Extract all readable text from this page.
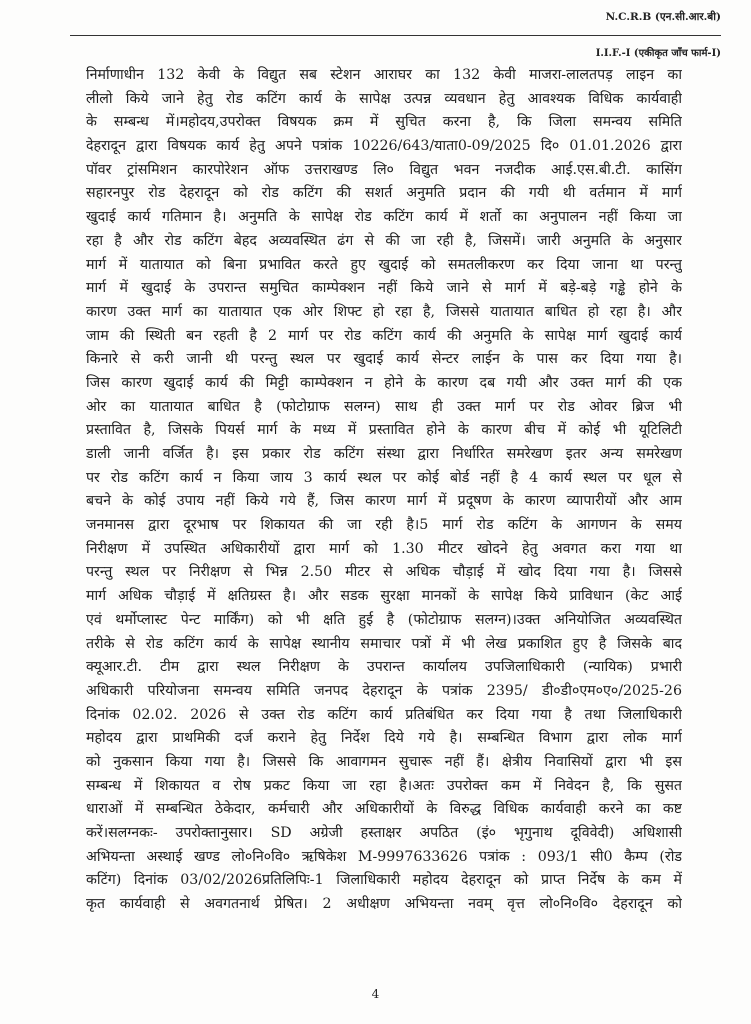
N.C.R.B (एन.सी.आर.बी)
I.I.F.-I (एकीकृत जाँच फार्म-I)
निर्माणाधीन 132 केवी के विद्युत सब स्टेशन आराघर का 132 केवी माजरा-लालतपड़ लाइन का
लीलो किये जाने हेतु रोड कटिंग कार्य के सापेक्ष उत्पन्न व्यवधान हेतु आवश्यक विधिक कार्यवाही
के सम्बन्ध में।महोदय,उपरोक्त विषयक क्रम में सुचित करना है, कि जिला समन्वय समिति
देहरादून द्वारा विषयक कार्य हेतु अपने पत्रांक 10226/643/याता0-09/2025 दि० 01.01.2026 द्वारा
पॉवर ट्रांसमिशन कारपोरेशन ऑफ उत्तराखण्ड लि० विद्युत भवन नजदीक आई.एस.बी.टी. कासिंग
सहारनपुर रोड देहरादून को रोड कटिंग की सशर्त अनुमति प्रदान की गयी थी वर्तमान में मार्ग
खुदाई कार्य गतिमान है। अनुमति के सापेक्ष रोड कटिंग कार्य में शर्तो का अनुपालन नहीं किया जा
रहा है और रोड कटिंग बेहद अव्यवस्थित ढंग से की जा रही है, जिसमें। जारी अनुमति के अनुसार
मार्ग में यातायात को बिना प्रभावित करते हुए खुदाई को समतलीकरण कर दिया जाना था परन्तु
मार्ग में खुदाई के उपरान्त समुचित काम्पेक्शन नहीं किये जाने से मार्ग में बड़े-बड़े गड्ढे होने के
कारण उक्त मार्ग का यातायात एक ओर शिफ्ट हो रहा है, जिससे यातायात बाधित हो रहा है। और
जाम की स्थिती बन रहती है 2 मार्ग पर रोड कटिंग कार्य की अनुमति के सापेक्ष मार्ग खुदाई कार्य
किनारे से करी जानी थी परन्तु स्थल पर खुदाई कार्य सेन्टर लाईन के पास कर दिया गया है।
जिस कारण खुदाई कार्य की मिट्टी काम्पेक्शन न होने के कारण दब गयी और उक्त मार्ग की एक
ओर का यातायात बाधित है (फोटोग्राफ सलग्न) साथ ही उक्त मार्ग पर रोड ओवर ब्रिज भी
प्रस्तावित है, जिसके पियर्स मार्ग के मध्य में प्रस्तावित होने के कारण बीच में कोई भी यूटिलिटी
डाली जानी वर्जित है। इस प्रकार रोड कटिंग संस्था द्वारा निर्धारित समरेखण इतर अन्य समरेखण
पर रोड कटिंग कार्य न किया जाय 3 कार्य स्थल पर कोई बोर्ड नहीं है 4 कार्य स्थल पर धूल से
बचने के कोई उपाय नहीं किये गये हैं, जिस कारण मार्ग में प्रदूषण के कारण व्यापारीयों और आम
जनमानस द्वारा दूरभाष पर शिकायत की जा रही है।5 मार्ग रोड कटिंग के आगणन के समय
निरीक्षण में उपस्थित अधिकारीयों द्वारा मार्ग को 1.30 मीटर खोदने हेतु अवगत करा गया था
परन्तु स्थल पर निरीक्षण से भिन्न 2.50 मीटर से अधिक चौड़ाई में खोद दिया गया है। जिससे
मार्ग अधिक चौड़ाई में क्षतिग्रस्त है। और सडक सुरक्षा मानकों के सापेक्ष किये प्राविधान (केट आई
एवं थर्मोप्लास्ट पेन्ट मार्किंग) को भी क्षति हुई है (फोटोग्राफ सलग्न)।उक्त अनियोजित अव्यवस्थित
तरीके से रोड कटिंग कार्य के सापेक्ष स्थानीय समाचार पत्रों में भी लेख प्रकाशित हुए है जिसके बाद
क्यूआर.टी. टीम द्वारा स्थल निरीक्षण के उपरान्त कार्यालय उपजिलाधिकारी (न्यायिक) प्रभारी
अधिकारी परियोजना समन्वय समिति जनपद देहरादून के पत्रांक 2395/ डी०डी०एम०ए०/2025-26
दिनांक 02.02. 2026 से उक्त रोड कटिंग कार्य प्रतिबंधित कर दिया गया है तथा जिलाधिकारी
महोदय द्वारा प्राथमिकी दर्ज कराने हेतु निर्देश दिये गये है। सम्बन्धित विभाग द्वारा लोक मार्ग
को नुकसान किया गया है। जिससे कि आवागमन सुचारू नहीं हैं। क्षेत्रीय निवासियों द्वारा भी इस
सम्बन्ध में शिकायत व रोष प्रकट किया जा रहा है।अतः उपरोक्त कम में निवेदन है, कि सुसत
धाराओं में सम्बन्धित ठेकेदार, कर्मचारी और अधिकारीयों के विरुद्ध विधिक कार्यवाही करने का कष्ट
करें।सलग्नकः- उपरोक्तानुसार। SD अग्रेजी हस्ताक्षर अपठित (इं० भृगुनाथ दूविवेदी) अधिशासी
अभियन्ता अस्थाई खण्ड लो०नि०वि० ऋषिकेश M-9997633626 पत्रांक : 093/1 सी0 कैम्प (रोड
कटिंग) दिनांक 03/02/2026प्रतिलिपिः-1 जिलाधिकारी महोदय देहरादून को प्राप्त निर्देष के कम में
कृत कार्यवाही से अवगतनार्थ प्रेषित। 2 अधीक्षण अभियन्ता नवम् वृत्त लो०नि०वि० देहरादून को
4
